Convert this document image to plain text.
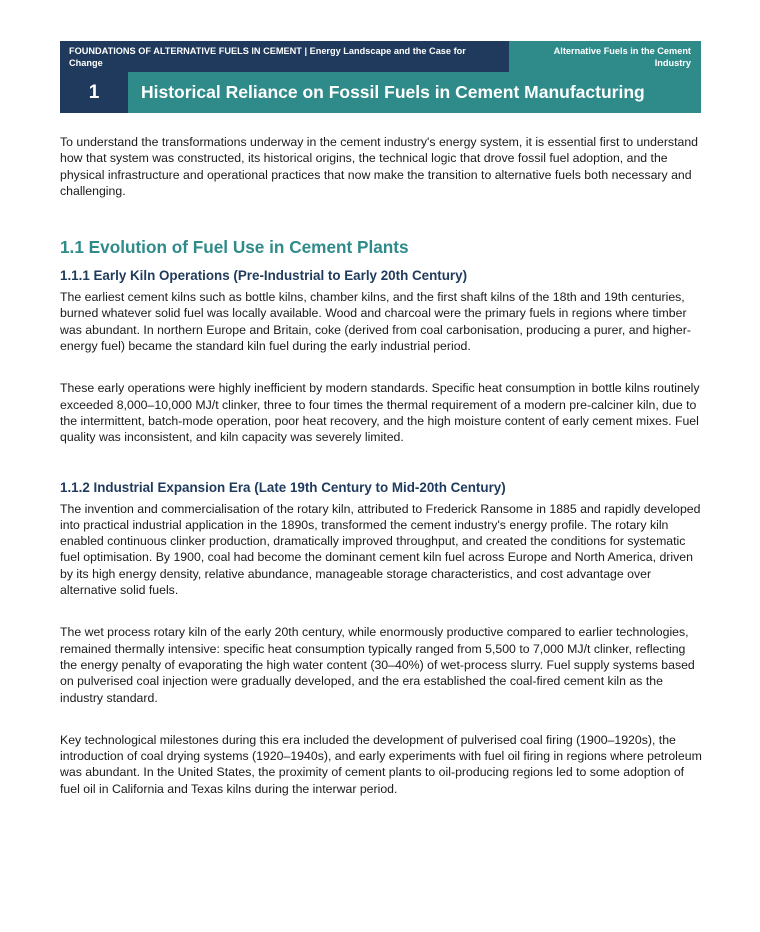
FOUNDATIONS OF ALTERNATIVE FUELS IN CEMENT | Energy Landscape and the Case for Change
Alternative Fuels in the Cement Industry
1	Historical Reliance on Fossil Fuels in Cement Manufacturing

To understand the transformations underway in the cement industry's energy system, it is essential first to understand how that system was constructed, its historical origins, the technical logic that drove fossil fuel adoption, and the physical infrastructure and operational practices that now make the transition to alternative fuels both necessary and challenging.

1.1 Evolution of Fuel Use in Cement Plants
1.1.1 Early Kiln Operations (Pre-Industrial to Early 20th Century)

The earliest cement kilns such as bottle kilns, chamber kilns, and the first shaft kilns of the 18th and 19th centuries, burned whatever solid fuel was locally available. Wood and charcoal were the primary fuels in regions where timber was abundant. In northern Europe and Britain, coke (derived from coal carbonisation, producing a purer, and higher-energy fuel) became the standard kiln fuel during the early industrial period.

These early operations were highly inefficient by modern standards. Specific heat consumption in bottle kilns routinely exceeded 8,000–10,000 MJ/t clinker, three to four times the thermal requirement of a modern pre-calciner kiln, due to the intermittent, batch-mode operation, poor heat recovery, and the high moisture content of early cement mixes. Fuel quality was inconsistent, and kiln capacity was severely limited.

1.1.2 Industrial Expansion Era (Late 19th Century to Mid-20th Century)

The invention and commercialisation of the rotary kiln, attributed to Frederick Ransome in 1885 and rapidly developed into practical industrial application in the 1890s, transformed the cement industry's energy profile. The rotary kiln enabled continuous clinker production, dramatically improved throughput, and created the conditions for systematic fuel optimisation. By 1900, coal had become the dominant cement kiln fuel across Europe and North America, driven by its high energy density, relative abundance, manageable storage characteristics, and cost advantage over alternative solid fuels.

The wet process rotary kiln of the early 20th century, while enormously productive compared to earlier technologies, remained thermally intensive: specific heat consumption typically ranged from 5,500 to 7,000 MJ/t clinker, reflecting the energy penalty of evaporating the high water content (30–40%) of wet-process slurry. Fuel supply systems based on pulverised coal injection were gradually developed, and the era established the coal-fired cement kiln as the industry standard.

Key technological milestones during this era included the development of pulverised coal firing (1900–1920s), the introduction of coal drying systems (1920–1940s), and early experiments with fuel oil firing in regions where petroleum was abundant. In the United States, the proximity of cement plants to oil-producing regions led to some adoption of fuel oil in California and Texas kilns during the interwar period.
